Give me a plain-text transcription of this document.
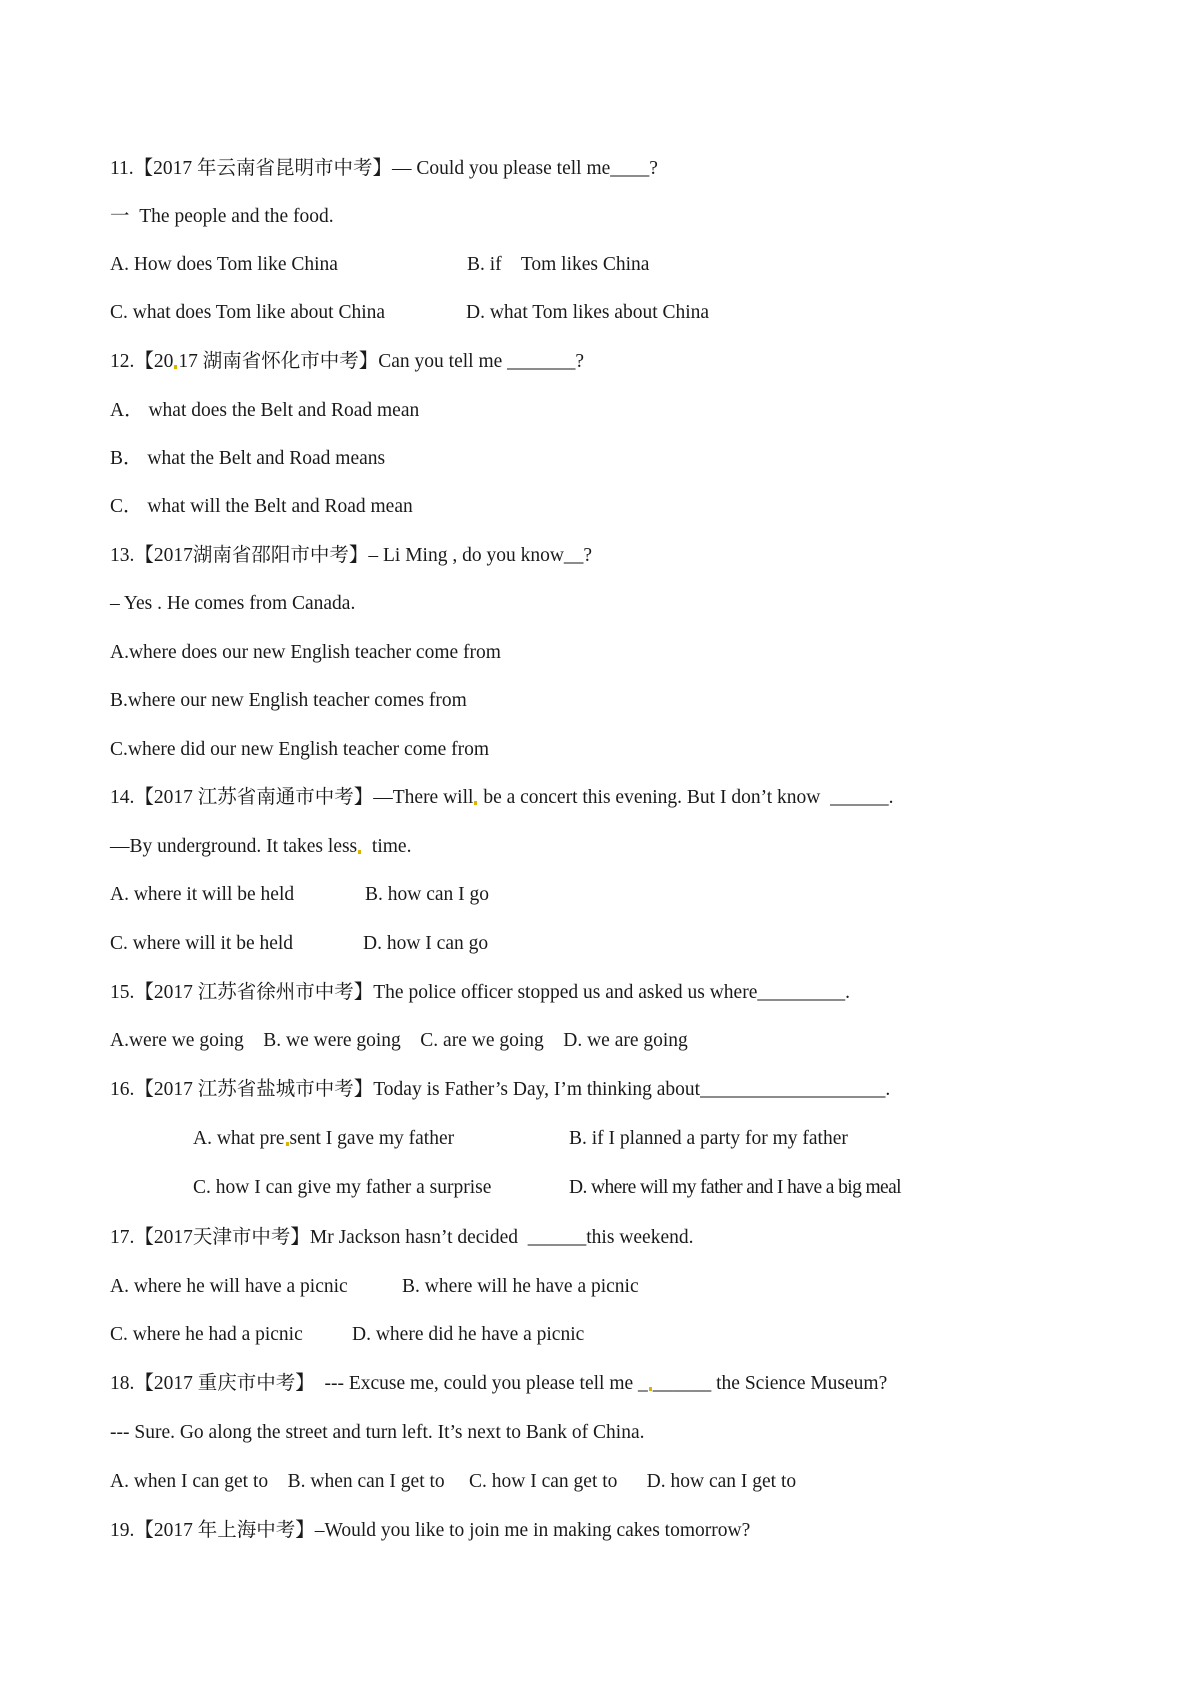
11.【2017 年云南省昆明市中考】— Could you please tell me____?
一  The people and the food.
A. How does Tom like China	B. if    Tom likes China
C. what does Tom like about China	D. what Tom likes about China
12.【20 17 湖南省怀化市中考】Can you tell me _______?
A． what does the Belt and Road mean
B． what the Belt and Road means
C． what will the Belt and Road mean
13.【2017湖南省邵阳市中考】– Li Ming , do you know__?
– Yes . He comes from Canada.
A.where does our new English teacher come from
B.where our new English teacher comes from
C.where did our new English teacher come from
14.【2017 江苏省南通市中考】—There will be a concert this evening. But I don’t know  ______.
—By underground. It takes less  time.
A. where it will be held	B. how can I go
C. where will it be held	D. how I can go
15.【2017 江苏省徐州市中考】The police officer stopped us and asked us where_________.
A.were we going    B. we were going    C. are we going    D. we are going
16.【2017 江苏省盐城市中考】Today is Father’s Day, I’m thinking about___________________.
A. what pre sent I gave my father	B. if I planned a party for my father
C. how I can give my father a surprise	D. where will my father and I have a big meal
17.【2017天津市中考】Mr Jackson hasn’t decided  ______this weekend.
A. where he will have a picnic	B. where will he have a picnic
C. where he had a picnic	D. where did he have a picnic
18.【2017 重庆市中考】  --- Excuse me, could you please tell me _ ______ the Science Museum?
--- Sure. Go along the street and turn left. It’s next to Bank of China.
A. when I can get to    B. when can I get to     C. how I can get to      D. how can I get to
19.【2017 年上海中考】–Would you like to join me in making cakes tomorrow?
